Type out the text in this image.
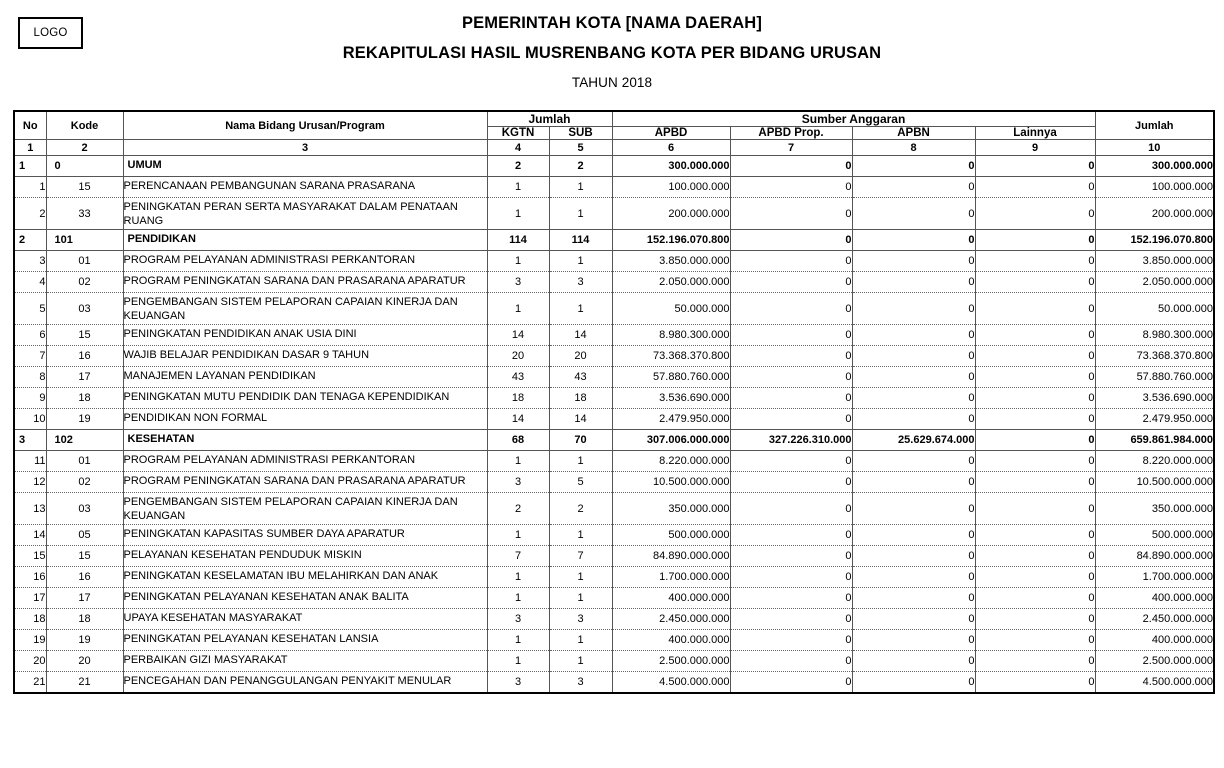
LOGO
PEMERINTAH KOTA [NAMA DAERAH]
REKAPITULASI HASIL MUSRENBANG KOTA PER BIDANG URUSAN
TAHUN 2018
No	Kode	Nama Bidang Urusan/Program	Jumlah		Sumber Anggaran				Jumlah
			KGTN	SUB	APBD	APBD Prop.	APBN	Lainnya	
1	2	3	4	5	6	7	8	9	10
1	0	UMUM	2	2	300.000.000	0	0	0	300.000.000
1	15	PERENCANAAN PEMBANGUNAN SARANA PRASARANA	1	1	100.000.000	0	0	0	100.000.000
2	33	PENINGKATAN PERAN SERTA MASYARAKAT DALAM PENATAAN RUANG	1	1	200.000.000	0	0	0	200.000.000
2	101	PENDIDIKAN	114	114	152.196.070.800	0	0	0	152.196.070.800
3	01	PROGRAM PELAYANAN ADMINISTRASI PERKANTORAN	1	1	3.850.000.000	0	0	0	3.850.000.000
4	02	PROGRAM PENINGKATAN SARANA DAN PRASARANA APARATUR	3	3	2.050.000.000	0	0	0	2.050.000.000
5	03	PENGEMBANGAN SISTEM PELAPORAN CAPAIAN KINERJA DAN KEUANGAN	1	1	50.000.000	0	0	0	50.000.000
6	15	PENINGKATAN PENDIDIKAN ANAK USIA DINI	14	14	8.980.300.000	0	0	0	8.980.300.000
7	16	WAJIB BELAJAR PENDIDIKAN DASAR 9 TAHUN	20	20	73.368.370.800	0	0	0	73.368.370.800
8	17	MANAJEMEN LAYANAN PENDIDIKAN	43	43	57.880.760.000	0	0	0	57.880.760.000
9	18	PENINGKATAN MUTU PENDIDIK DAN TENAGA KEPENDIDIKAN	18	18	3.536.690.000	0	0	0	3.536.690.000
10	19	PENDIDIKAN NON FORMAL	14	14	2.479.950.000	0	0	0	2.479.950.000
3	102	KESEHATAN	68	70	307.006.000.000	327.226.310.000	25.629.674.000	0	659.861.984.000
11	01	PROGRAM PELAYANAN ADMINISTRASI PERKANTORAN	1	1	8.220.000.000	0	0	0	8.220.000.000
12	02	PROGRAM PENINGKATAN SARANA DAN PRASARANA APARATUR	3	5	10.500.000.000	0	0	0	10.500.000.000
13	03	PENGEMBANGAN SISTEM PELAPORAN CAPAIAN KINERJA DAN KEUANGAN	2	2	350.000.000	0	0	0	350.000.000
14	05	PENINGKATAN KAPASITAS SUMBER DAYA APARATUR	1	1	500.000.000	0	0	0	500.000.000
15	15	PELAYANAN KESEHATAN PENDUDUK MISKIN	7	7	84.890.000.000	0	0	0	84.890.000.000
16	16	PENINGKATAN KESELAMATAN IBU MELAHIRKAN DAN ANAK	1	1	1.700.000.000	0	0	0	1.700.000.000
17	17	PENINGKATAN PELAYANAN KESEHATAN ANAK BALITA	1	1	400.000.000	0	0	0	400.000.000
18	18	UPAYA KESEHATAN MASYARAKAT	3	3	2.450.000.000	0	0	0	2.450.000.000
19	19	PENINGKATAN PELAYANAN KESEHATAN LANSIA	1	1	400.000.000	0	0	0	400.000.000
20	20	PERBAIKAN GIZI MASYARAKAT	1	1	2.500.000.000	0	0	0	2.500.000.000
21	21	PENCEGAHAN DAN PENANGGULANGAN PENYAKIT MENULAR	3	3	4.500.000.000	0	0	0	4.500.000.000
